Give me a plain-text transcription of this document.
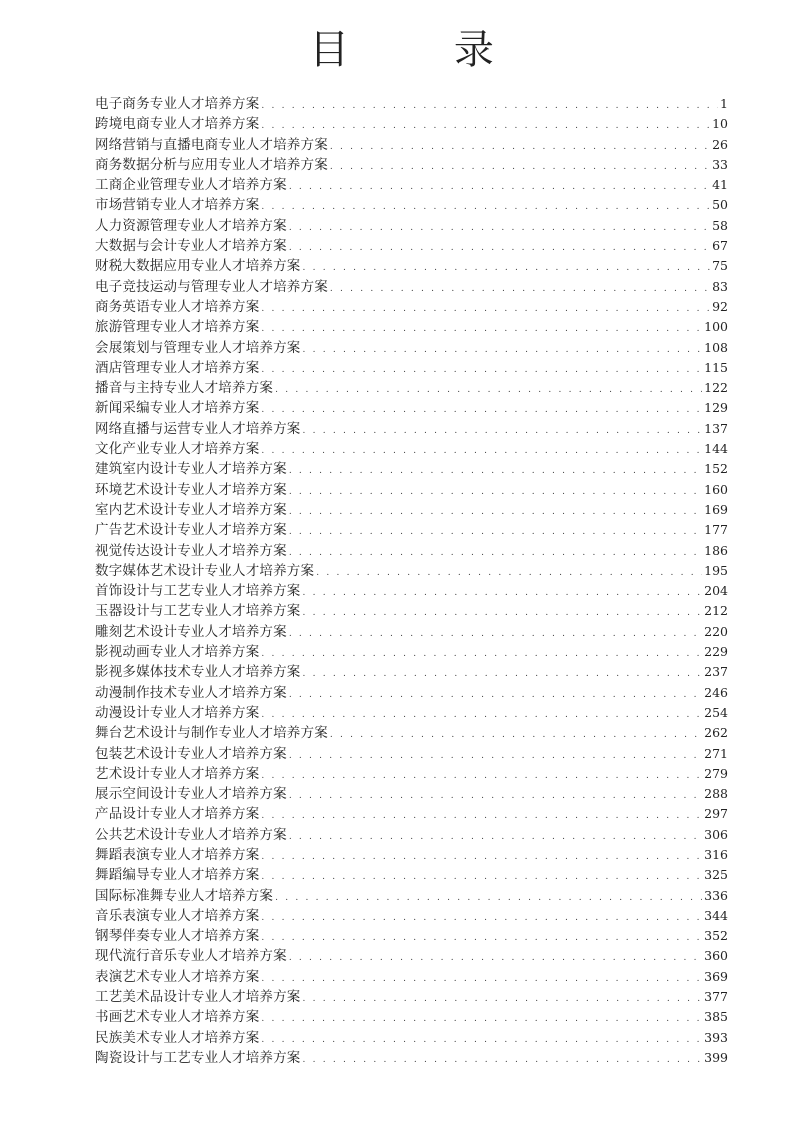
目 录
电子商务专业人才培养方案 . . .	1
跨境电商专业人才培养方案 . . .	10
网络营销与直播电商专业人才培养方案 . . .	26
商务数据分析与应用专业人才培养方案 . . .	33
工商企业管理专业人才培养方案 . . .	41
市场营销专业人才培养方案 . . .	50
人力资源管理专业人才培养方案 . . .	58
大数据与会计专业人才培养方案 . . .	67
财税大数据应用专业人才培养方案 . . .	75
电子竞技运动与管理专业人才培养方案 . . .	83
商务英语专业人才培养方案 . . .	92
旅游管理专业人才培养方案 . . .	100
会展策划与管理专业人才培养方案 . . .	108
酒店管理专业人才培养方案 . . .	115
播音与主持专业人才培养方案 . . .	122
新闻采编专业人才培养方案 . . .	129
网络直播与运营专业人才培养方案 . . .	137
文化产业专业人才培养方案 . . .	144
建筑室内设计专业人才培养方案 . . .	152
环境艺术设计专业人才培养方案 . . .	160
室内艺术设计专业人才培养方案 . . .	169
广告艺术设计专业人才培养方案 . . .	177
视觉传达设计专业人才培养方案 . . .	186
数字媒体艺术设计专业人才培养方案 . . .	195
首饰设计与工艺专业人才培养方案 . . .	204
玉器设计与工艺专业人才培养方案 . . .	212
雕刻艺术设计专业人才培养方案 . . .	220
影视动画专业人才培养方案 . . .	229
影视多媒体技术专业人才培养方案 . . .	237
动漫制作技术专业人才培养方案 . . .	246
动漫设计专业人才培养方案 . . .	254
舞台艺术设计与制作专业人才培养方案 . . .	262
包装艺术设计专业人才培养方案 . . .	271
艺术设计专业人才培养方案 . . .	279
展示空间设计专业人才培养方案 . . .	288
产品设计专业人才培养方案 . . .	297
公共艺术设计专业人才培养方案 . . .	306
舞蹈表演专业人才培养方案 . . .	316
舞蹈编导专业人才培养方案 . . .	325
国际标准舞专业人才培养方案 . . .	336
音乐表演专业人才培养方案 . . .	344
钢琴伴奏专业人才培养方案 . . .	352
现代流行音乐专业人才培养方案 . . .	360
表演艺术专业人才培养方案 . . .	369
工艺美术品设计专业人才培养方案 . . .	377
书画艺术专业人才培养方案 . . .	385
民族美术专业人才培养方案 . . .	393
陶瓷设计与工艺专业人才培养方案 . . .	399
